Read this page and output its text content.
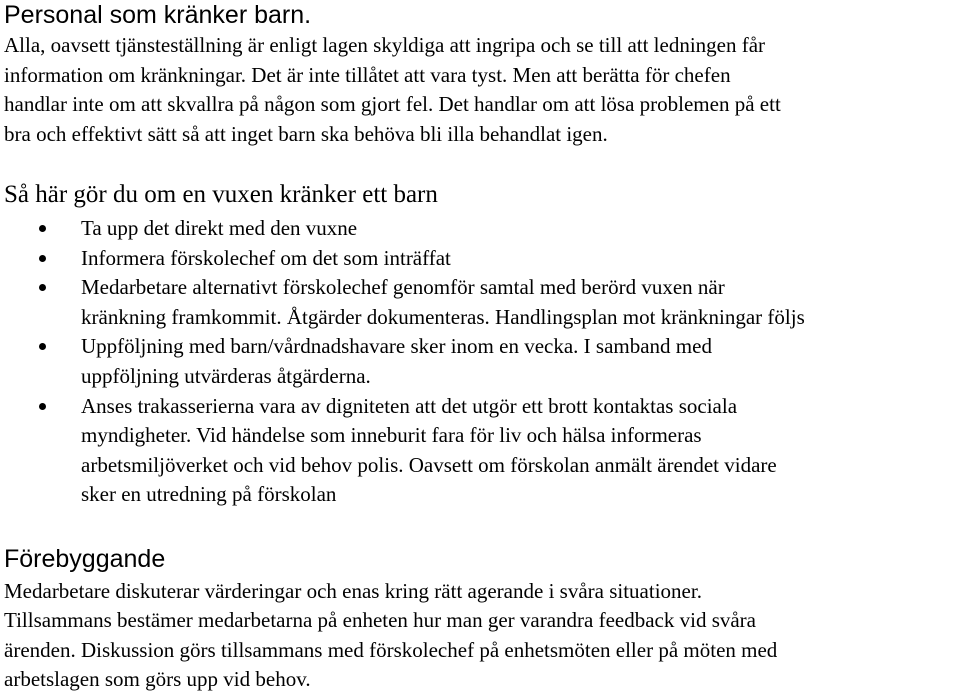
Personal som kränker barn.
Alla, oavsett tjänsteställning är enligt lagen skyldiga att ingripa och se till att ledningen får
information om kränkningar. Det är inte tillåtet att vara tyst. Men att berätta för chefen
handlar inte om att skvallra på någon som gjort fel. Det handlar om att lösa problemen på ett
bra och effektivt sätt så att inget barn ska behöva bli illa behandlat igen.
Så här gör du om en vuxen kränker ett barn
Ta upp det direkt med den vuxne
Informera förskolechef om det som inträffat
Medarbetare alternativt förskolechef genomför samtal med berörd vuxen när
kränkning framkommit. Åtgärder dokumenteras. Handlingsplan mot kränkningar följs
Uppföljning med barn/vårdnadshavare sker inom en vecka. I samband med
uppföljning utvärderas åtgärderna.
Anses trakasserierna vara av digniteten att det utgör ett brott kontaktas sociala
myndigheter. Vid händelse som inneburit fara för liv och hälsa informeras
arbetsmiljöverket och vid behov polis. Oavsett om förskolan anmält ärendet vidare
sker en utredning på förskolan
Förebyggande
Medarbetare diskuterar värderingar och enas kring rätt agerande i svåra situationer.
Tillsammans bestämer medarbetarna på enheten hur man ger varandra feedback vid svåra
ärenden. Diskussion görs tillsammans med förskolechef på enhetsmöten eller på möten med
arbetslagen som görs upp vid behov.
